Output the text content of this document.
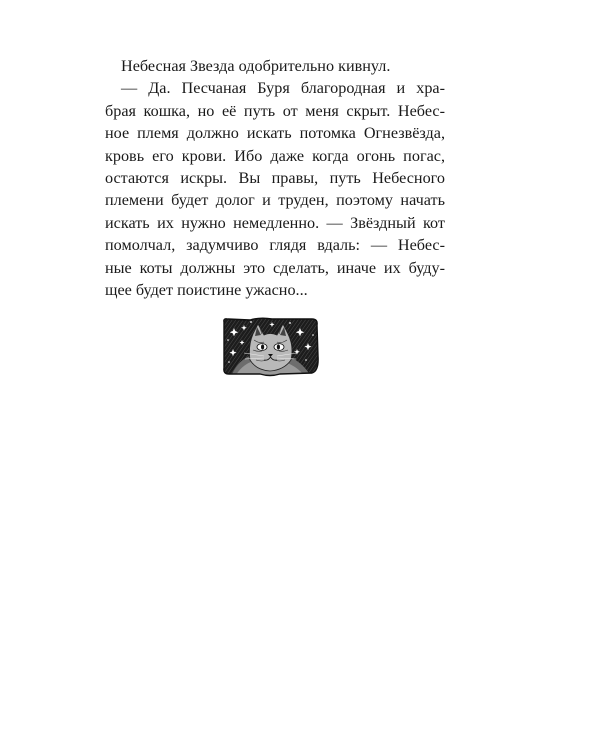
Небесная Звезда одобрительно кивнул.
— Да. Песчаная Буря благородная и хра-
брая кошка, но её путь от меня скрыт. Небес-
ное племя должно искать потомка Огнезвёзда,
кровь его крови. Ибо даже когда огонь погас,
остаются искры. Вы правы, путь Небесного
племени будет долог и труден, поэтому начать
искать их нужно немедленно. — Звёздный кот
помолчал, задумчиво глядя вдаль: — Небес-
ные коты должны это сделать, иначе их буду-
щее будет поистине ужасно...
